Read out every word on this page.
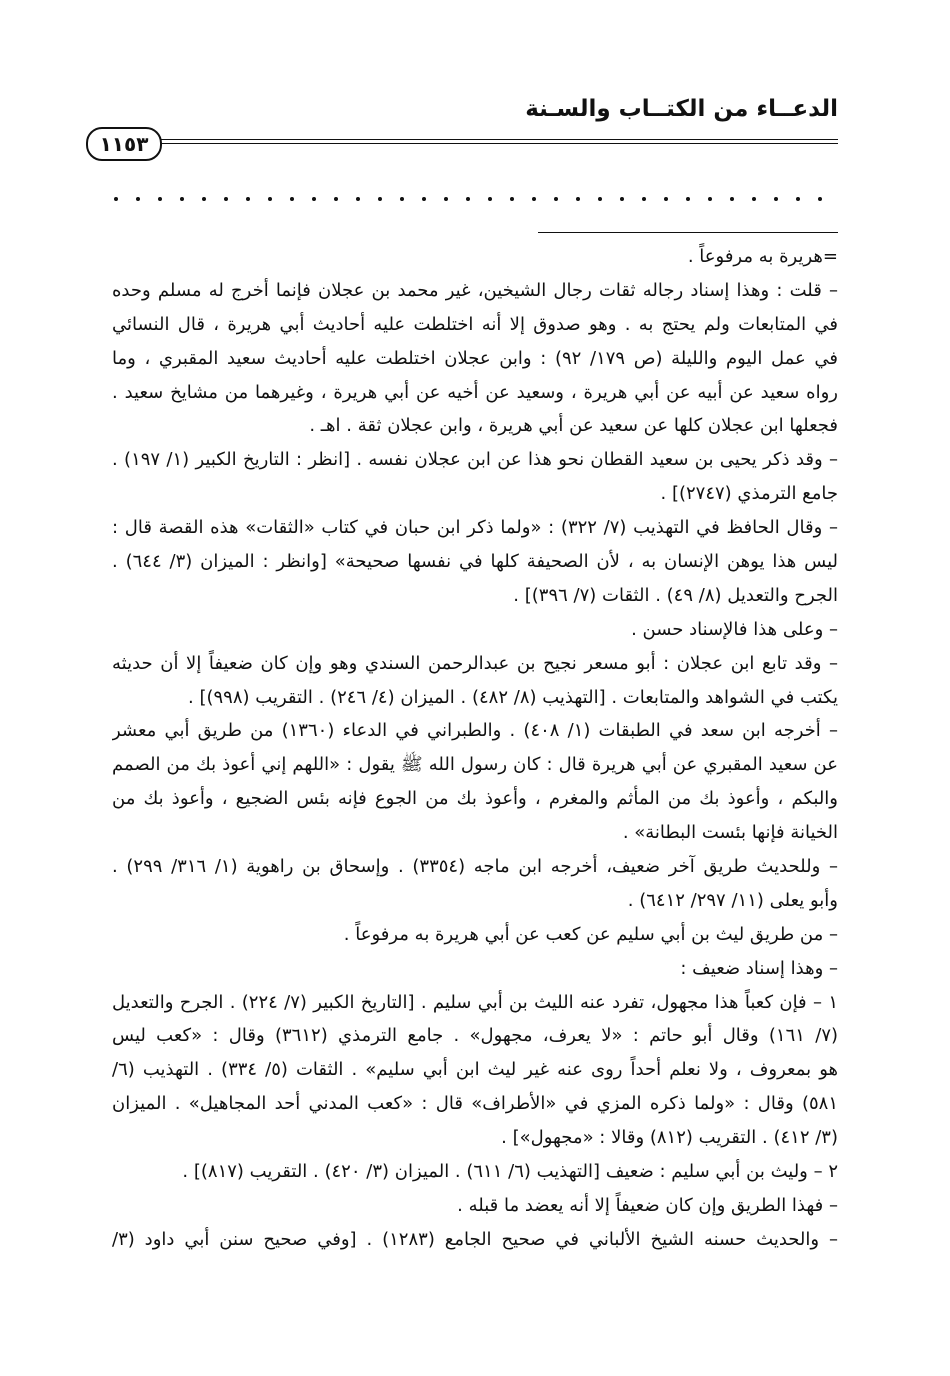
الدعــاء من الكتــاب والسـنة
١١٥٣
=هريرة به مرفوعاً .
– قلت : وهذا إسناد رجاله ثقات رجال الشيخين، غير محمد بن عجلان فإنما أخرج له مسلم وحده
في المتابعات ولم يحتج به . وهو صدوق إلا أنه اختلطت عليه أحاديث أبي هريرة ، قال النسائي
في عمل اليوم والليلة (ص ١٧٩/ ٩٢) : وابن عجلان اختلطت عليه أحاديث سعيد المقبري ، وما
رواه سعيد عن أبيه عن أبي هريرة ، وسعيد عن أخيه عن أبي هريرة ، وغيرهما من مشايخ سعيد .
فجعلها ابن عجلان كلها عن سعيد عن أبي هريرة ، وابن عجلان ثقة . اهـ .
– وقد ذكر يحيى بن سعيد القطان نحو هذا عن ابن عجلان نفسه . [انظر : التاريخ الكبير (١/ ١٩٧) .
جامع الترمذي (٢٧٤٧)] .
– وقال الحافظ في التهذيب (٧/ ٣٢٢) : «ولما ذكر ابن حبان في كتاب «الثقات» هذه القصة قال :
ليس هذا يوهن الإنسان به ، لأن الصحيفة كلها في نفسها صحيحة» [وانظر : الميزان (٣/ ٦٤٤) .
الجرح والتعديل (٨/ ٤٩) . الثقات (٧/ ٣٩٦)] .
– وعلى هذا فالإسناد حسن .
– وقد تابع ابن عجلان : أبو مسعر نجيح بن عبدالرحمن السندي وهو وإن كان ضعيفاً إلا أن حديثه
يكتب في الشواهد والمتابعات . [التهذيب (٨/ ٤٨٢) . الميزان (٤/ ٢٤٦) . التقريب (٩٩٨)] .
– أخرجه ابن سعد في الطبقات (١/ ٤٠٨) . والطبراني في الدعاء (١٣٦٠) من طريق أبي معشر
عن سعيد المقبري عن أبي هريرة قال : كان رسول الله ﷺ يقول : «اللهم إني أعوذ بك من الصمم
والبكم ، وأعوذ بك من المأثم والمغرم ، وأعوذ بك من الجوع فإنه بئس الضجيع ، وأعوذ بك من
الخيانة فإنها بئست البطانة» .
– وللحديث طريق آخر ضعيف، أخرجه ابن ماجه (٣٣٥٤) . وإسحاق بن راهوية (١/ ٣١٦/ ٢٩٩) .
وأبو يعلى (١١/ ٢٩٧/ ٦٤١٢) .
– من طريق ليث بن أبي سليم عن كعب عن أبي هريرة به مرفوعاً .
– وهذا إسناد ضعيف :
١ – فإن كعباً هذا مجهول، تفرد عنه الليث بن أبي سليم . [التاريخ الكبير (٧/ ٢٢٤) . الجرح والتعديل
(٧/ ١٦١) وقال أبو حاتم : «لا يعرف، مجهول» . جامع الترمذي (٣٦١٢) وقال : «كعب ليس
هو بمعروف ، ولا نعلم أحداً روى عنه غير ليث ابن أبي سليم» . الثقات (٥/ ٣٣٤) . التهذيب (٦/
٥٨١) وقال : «ولما ذكره المزي في «الأطراف» قال : «كعب المدني أحد المجاهيل» . الميزان
(٣/ ٤١٢) . التقريب (٨١٢) وقالا : «مجهول»] .
٢ – وليث بن أبي سليم : ضعيف [التهذيب (٦/ ٦١١) . الميزان (٣/ ٤٢٠) . التقريب (٨١٧)] .
– فهذا الطريق وإن كان ضعيفاً إلا أنه يعضد ما قبله .
– والحديث حسنه الشيخ الألباني في صحيح الجامع (١٢٨٣) . [وفي صحيح سنن أبي داود (٣/
